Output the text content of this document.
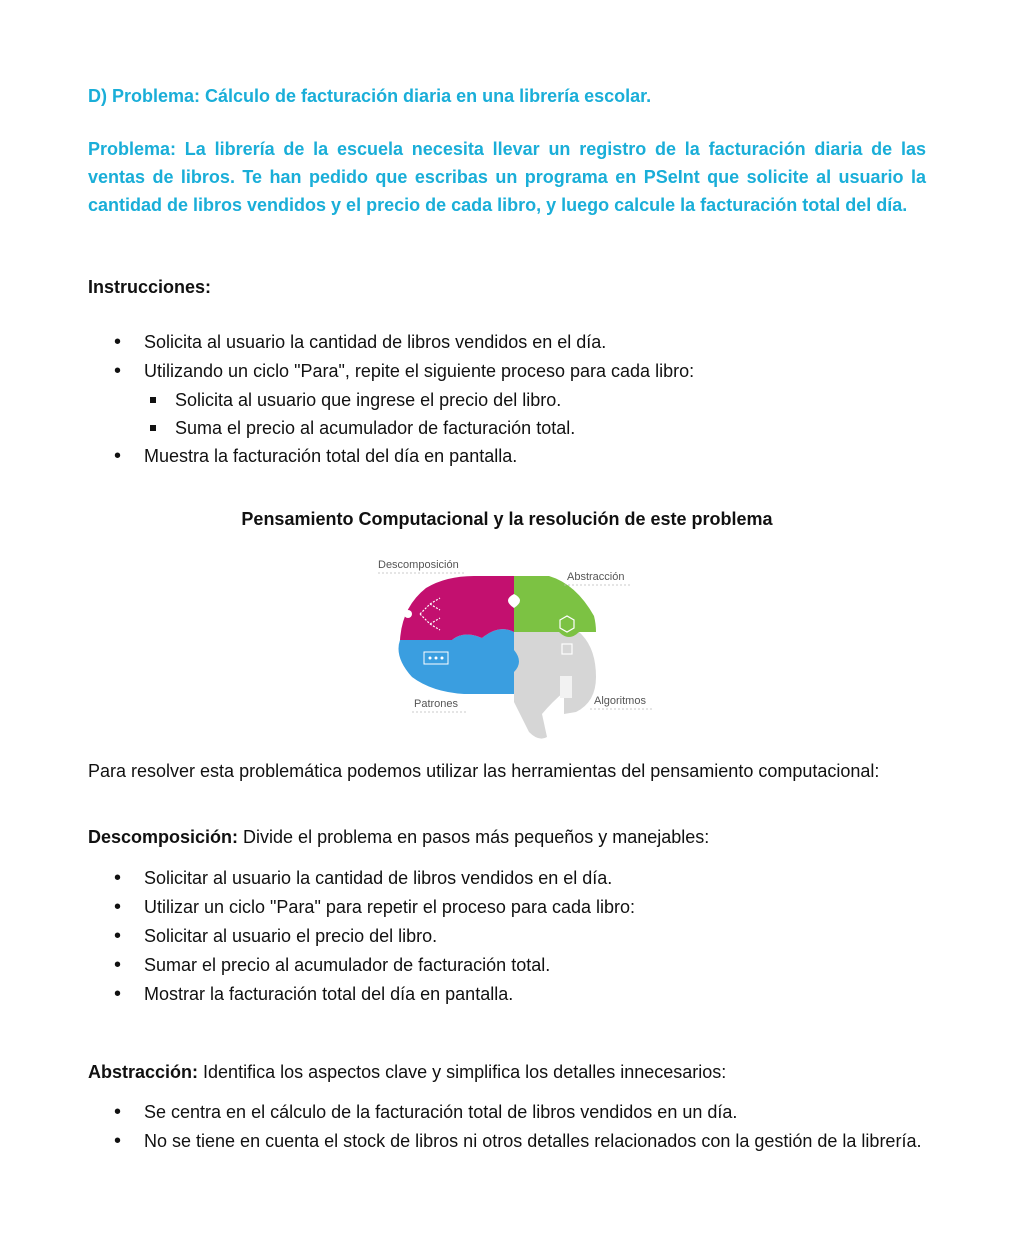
D) Problema: Cálculo de facturación diaria en una librería escolar.

Problema: La librería de la escuela necesita llevar un registro de la facturación diaria de las ventas de libros. Te han pedido que escribas un programa en PSeInt que solicite al usuario la cantidad de libros vendidos y el precio de cada libro, y luego calcule la facturación total del día.

Instrucciones:

• Solicita al usuario la cantidad de libros vendidos en el día.
• Utilizando un ciclo "Para", repite el siguiente proceso para cada libro:
Solicita al usuario que ingrese el precio del libro.
Suma el precio al acumulador de facturación total.
• Muestra la facturación total del día en pantalla.
Pensamiento Computacional y la resolución de este problema
Descomposición
Abstracción
Patrones	Algoritmos

Para resolver esta problemática podemos utilizar las herramientas del pensamiento computacional:

Descomposición: Divide el problema en pasos más pequeños y manejables:

• Solicitar al usuario la cantidad de libros vendidos en el día.
• Utilizar un ciclo "Para" para repetir el proceso para cada libro:
• Solicitar al usuario el precio del libro.
• Sumar el precio al acumulador de facturación total.
• Mostrar la facturación total del día en pantalla.

Abstracción: Identifica los aspectos clave y simplifica los detalles innecesarios:

• Se centra en el cálculo de la facturación total de libros vendidos en un día.
• No se tiene en cuenta el stock de libros ni otros detalles relacionados con la gestión de la librería.
